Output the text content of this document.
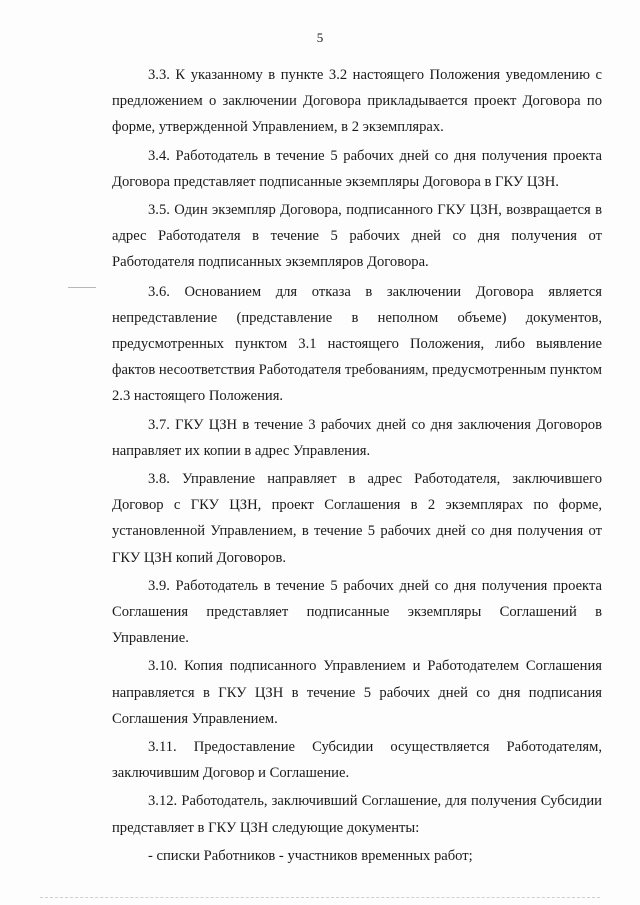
5

3.3. К указанному в пункте 3.2 настоящего Положения уведомлению с предложением о заключении Договора прикладывается проект Договора по форме, утвержденной Управлением, в 2 экземплярах.

3.4. Работодатель в течение 5 рабочих дней со дня получения проекта Договора представляет подписанные экземпляры Договора в ГКУ ЦЗН.

3.5. Один экземпляр Договора, подписанного ГКУ ЦЗН, возвращается в адрес Работодателя в течение 5 рабочих дней со дня получения от Работодателя подписанных экземпляров Договора.

3.6. Основанием для отказа в заключении Договора является непредставление (представление в неполном объеме) документов, предусмотренных пунктом 3.1 настоящего Положения, либо выявление фактов несоответствия Работодателя требованиям, предусмотренным пунктом 2.3 настоящего Положения.

3.7. ГКУ ЦЗН в течение 3 рабочих дней со дня заключения Договоров направляет их копии в адрес Управления.

3.8. Управление направляет в адрес Работодателя, заключившего Договор с ГКУ ЦЗН, проект Соглашения в 2 экземплярах по форме, установленной Управлением, в течение 5 рабочих дней со дня получения от ГКУ ЦЗН копий Договоров.

3.9. Работодатель в течение 5 рабочих дней со дня получения проекта Соглашения представляет подписанные экземпляры Соглашений в Управление.

3.10. Копия подписанного Управлением и Работодателем Соглашения направляется в ГКУ ЦЗН в течение 5 рабочих дней со дня подписания Соглашения Управлением.

3.11. Предоставление Субсидии осуществляется Работодателям, заключившим Договор и Соглашение.

3.12. Работодатель, заключивший Соглашение, для получения Субсидии представляет в ГКУ ЦЗН следующие документы:

- списки Работников - участников временных работ;
